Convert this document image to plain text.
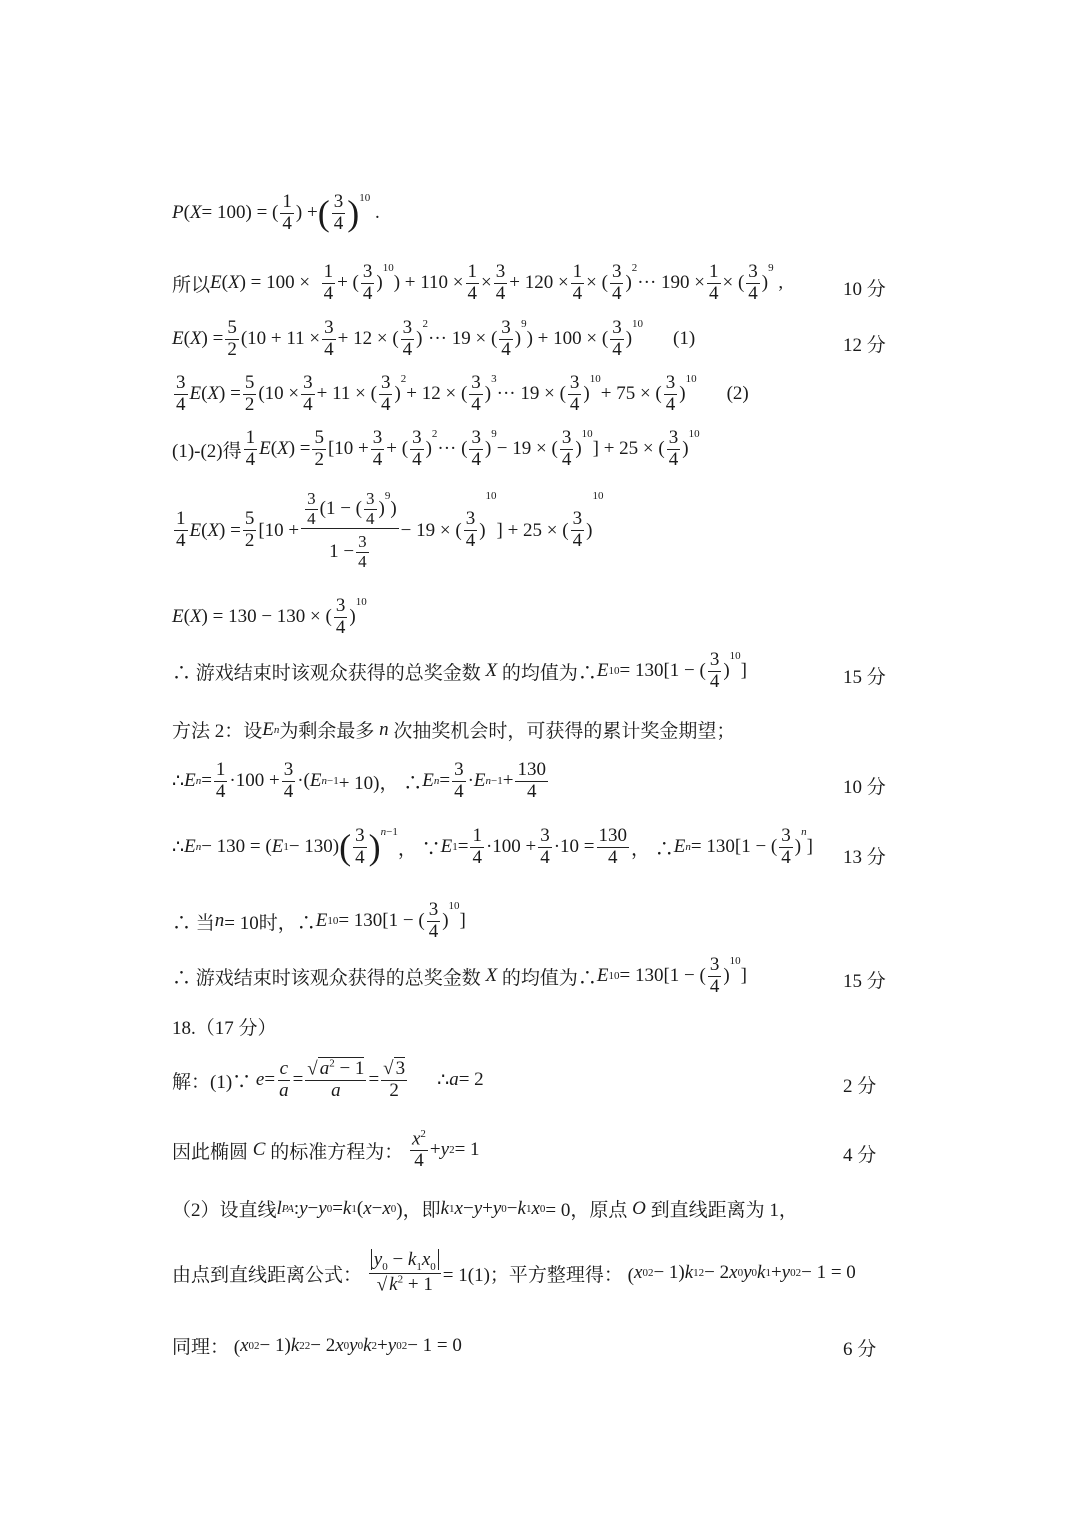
P ( X = 100) = (
1
4 ) + ( 3
4 )$^{10}$
.
所以 E ( X ) = 100 ×
1
4 + (
3
4 )
$^{10}$
) + 110 ×
1
4 ×
3
4 + 120 ×
1
4 × (
3
4 )
$^2$
··· 190 ×
1
4 × (
3
4 )
$^9$
,	10 分
E ( X ) =
5
2 (10 + 11 ×
3
4 + 12 × (
3
4 )
$^2$
··· 19 × (
3
4 )
$^9$
) + 100 × (
3
4 )
$^{10}$
(1)	12 分
3
4 E ( X ) =
5
2 (10 ×
3
4 + 11 × (
3
4 )
$^2$
+ 12 × (
3
4 )
$^3$
··· 19 × (
3
4 )
$^{10}$
+ 75 × (
3
4 )
$^{10}$
(2)
(1)-(2)得
1
4 E ( X ) =
5
2 [10 +
3
4 + (
3
4 )
$^2$
··· (
3
4 )
$^9$
− 19 × (
3
4 )
$^{10}$
] + 25 × (
3
4 )
$^{10}$
1
4 E ( X ) =
5
2 [10 +
3
4 (1 − ( 3
4 )
$^9$
)
1 − 3
4
− 19 × (
3
4 )
10
] + 25 × (
3
4 )
10
E ( X ) = 130 − 130 × (
3
4 )
$^{10}$
∴ 游戏结束时该观众获得的总奖金数 X 的均值为∴ E 10 = 130[1 − (
3
4 )
$^{10}$
]	15 分
方法 2：设 E n 为剩余最多 n 次抽奖机会时，可获得的累计奖金期望；
∴ E n =
1
4 ·100 +
3
4 ·( E n−1 + 10)， ∴ E n =
3
4 · E n−1 +
130
4	10 分
∴ E n − 130 = ( E 1 − 130) ( 3
4 ) $^{n-1}$
， ∵ E 1 =
1
4 ·100 +
3
4 ·10 =
130
4 ， ∴ E n = 130[1 − (
3
4 )
$^n$
]
13 分
∴ 当 n = 10时，∴ E 10 = 130[1 − (
3
4 )
$^{10}$
]
∴ 游戏结束时该观众获得的总奖金数 X 的均值为∴ E 10 = 130[1 − (
3
4 )
$^{10}$
]	15 分
18.（17 分）
解：(1)∵ e =
c
a =
√ $a^2 - 1$
a
=
√ 3
2 ∴ a = 2	2 分
因此椭圆 C 的标准方程为：
$x^2$
4
+ y 2 = 1	4 分
（2）设直线 l PA : y − y 0 = k 1 ( x − x 0 )，即 k 1 x − y + y 0 − k 1 x 0 = 0，原点 O 到直线距离为 1，
由点到直线距离公式：
$y_0 - k_1x_0$
√ $k^2 + 1 = 1(1)$；平方整理得： ( x 0 2 − 1) k 1 2 − 2 x 0 y 0 k 1 + y 0 2 − 1 = 0
同理： ( x 0 2 − 1) k 2 2 − 2 x 0 y 0 k 2 + y 0 2 − 1 = 0	6 分
